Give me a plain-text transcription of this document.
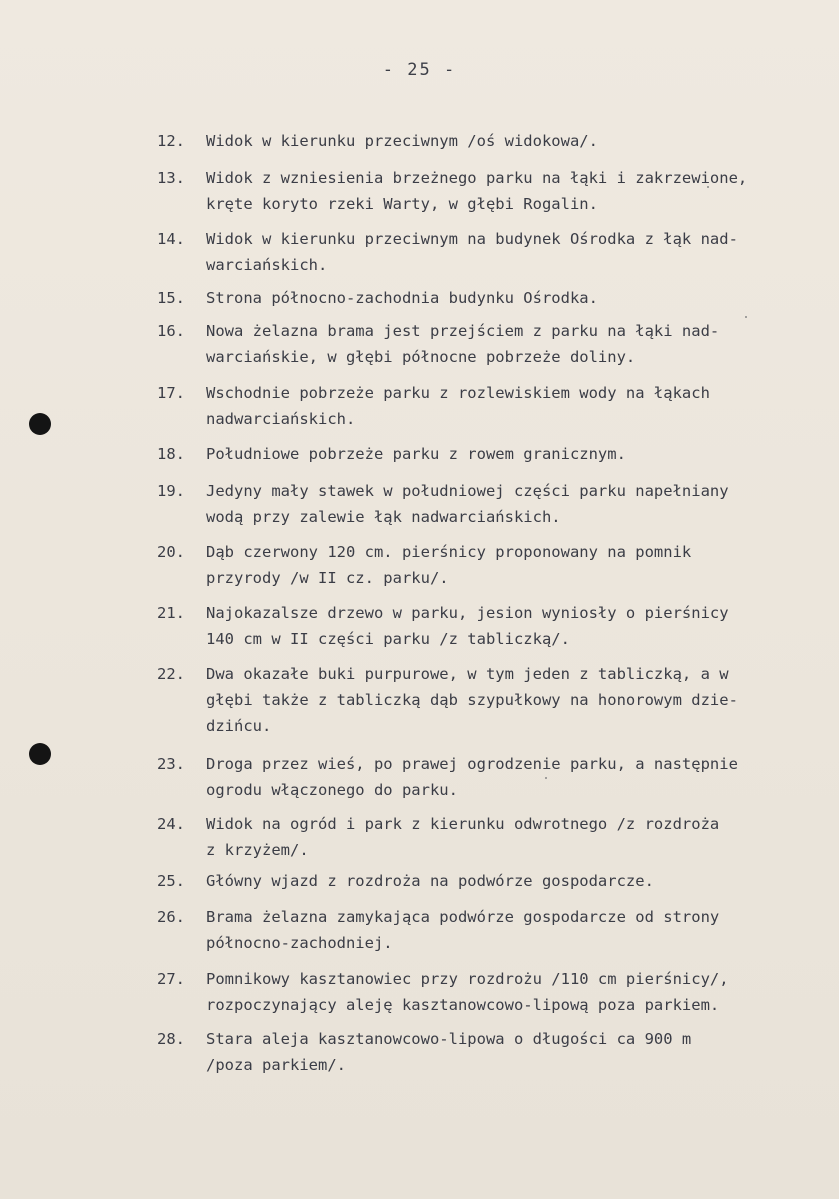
- 25 -
12.	Widok w kierunku przeciwnym /oś widokowa/.
13.	Widok z wzniesienia brzeżnego parku na łąki i zakrzewione,
kręte koryto rzeki Warty, w głębi Rogalin.
14.	Widok w kierunku przeciwnym na budynek Ośrodka z łąk nad-
warciańskich.
15.	Strona północno-zachodnia budynku Ośrodka.
16.	Nowa żelazna brama jest przejściem z parku na łąki nad-
warciańskie, w głębi północne pobrzeże doliny.
17.	Wschodnie pobrzeże parku z rozlewiskiem wody na łąkach
nadwarciańskich.
18.	Południowe pobrzeże parku z rowem granicznym.
19.	Jedyny mały stawek w południowej części parku napełniany
wodą przy zalewie łąk nadwarciańskich.
20.	Dąb czerwony 120 cm. pierśnicy proponowany na pomnik
przyrody /w II cz. parku/.
21.	Najokazalsze drzewo w parku, jesion wyniosły o pierśnicy
140 cm w II części parku /z tabliczką/.
22.	Dwa okazałe buki purpurowe, w tym jeden z tabliczką, a w
głębi także z tabliczką dąb szypułkowy na honorowym dzie-
dzińcu.
23.	Droga przez wieś, po prawej ogrodzenie parku, a następnie
ogrodu włączonego do parku.
24.	Widok na ogród i park z kierunku odwrotnego /z rozdroża
z krzyżem/.
25.	Główny wjazd z rozdroża na podwórze gospodarcze.
26.	Brama żelazna zamykająca podwórze gospodarcze od strony
północno-zachodniej.
27.	Pomnikowy kasztanowiec przy rozdrożu /110 cm pierśnicy/,
rozpoczynający aleję kasztanowcowo-lipową poza parkiem.
28.	Stara aleja kasztanowcowo-lipowa o długości ca 900 m
/poza parkiem/.
